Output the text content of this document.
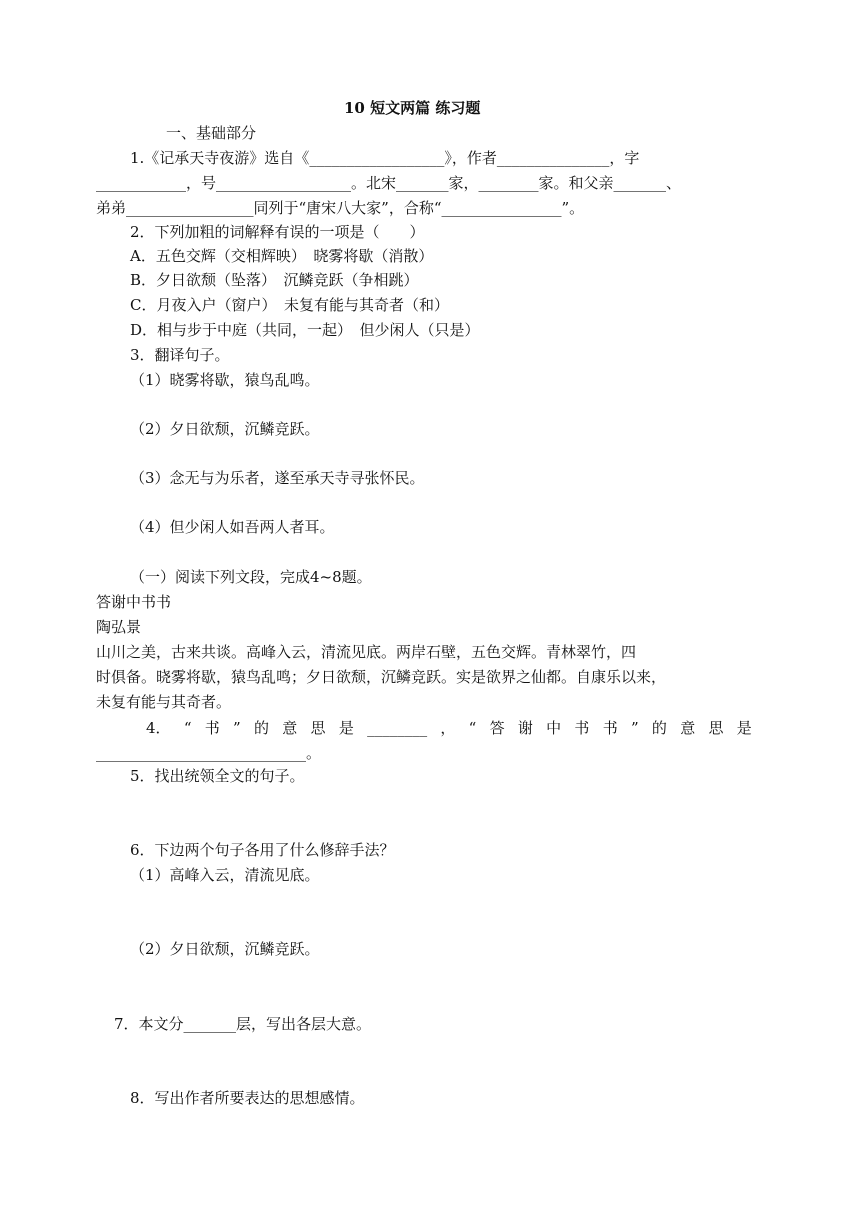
10 短文两篇 练习题
一、基础部分
1.《记承天寺夜游》选自《__________________》，作者_______________，字
____________，号__________________。北宋_______家，________家。和父亲_______、
弟弟_________________同列于“唐宋八大家”，合称“________________”。
2．下列加粗的词解释有误的一项是（　　）
A．五色交辉（交相辉映）　晓雾将歇（消散）
B．夕日欲颓（坠落）　沉鳞竞跃（争相跳）
C．月夜入户（窗户）　未复有能与其奇者（和）
D．相与步于中庭（共同，一起）　但少闲人（只是）
3．翻译句子。
（1）晓雾将歇，猿鸟乱鸣。
（2）夕日欲颓，沉鳞竞跃。
（3）念无与为乐者，遂至承天寺寻张怀民。
（4）但少闲人如吾两人者耳。
（一）阅读下列文段，完成4~8题。
答谢中书书
陶弘景
山川之美，古来共谈。高峰入云，清流见底。两岸石壁，五色交辉。青林翠竹，四
时俱备。晓雾将歇，猿鸟乱鸣；夕日欲颓，沉鳞竞跃。实是欲界之仙都。自康乐以来，
未复有能与其奇者。
4． “ 书 ” 的 意 思 是 ________ ， “ 答 谢 中 书 书 ” 的 意 思 是
____________________________。
5．找出统领全文的句子。
6．下边两个句子各用了什么修辞手法？
（1）高峰入云，清流见底。
（2）夕日欲颓，沉鳞竞跃。
7．本文分_______层，写出各层大意。
8．写出作者所要表达的思想感情。
